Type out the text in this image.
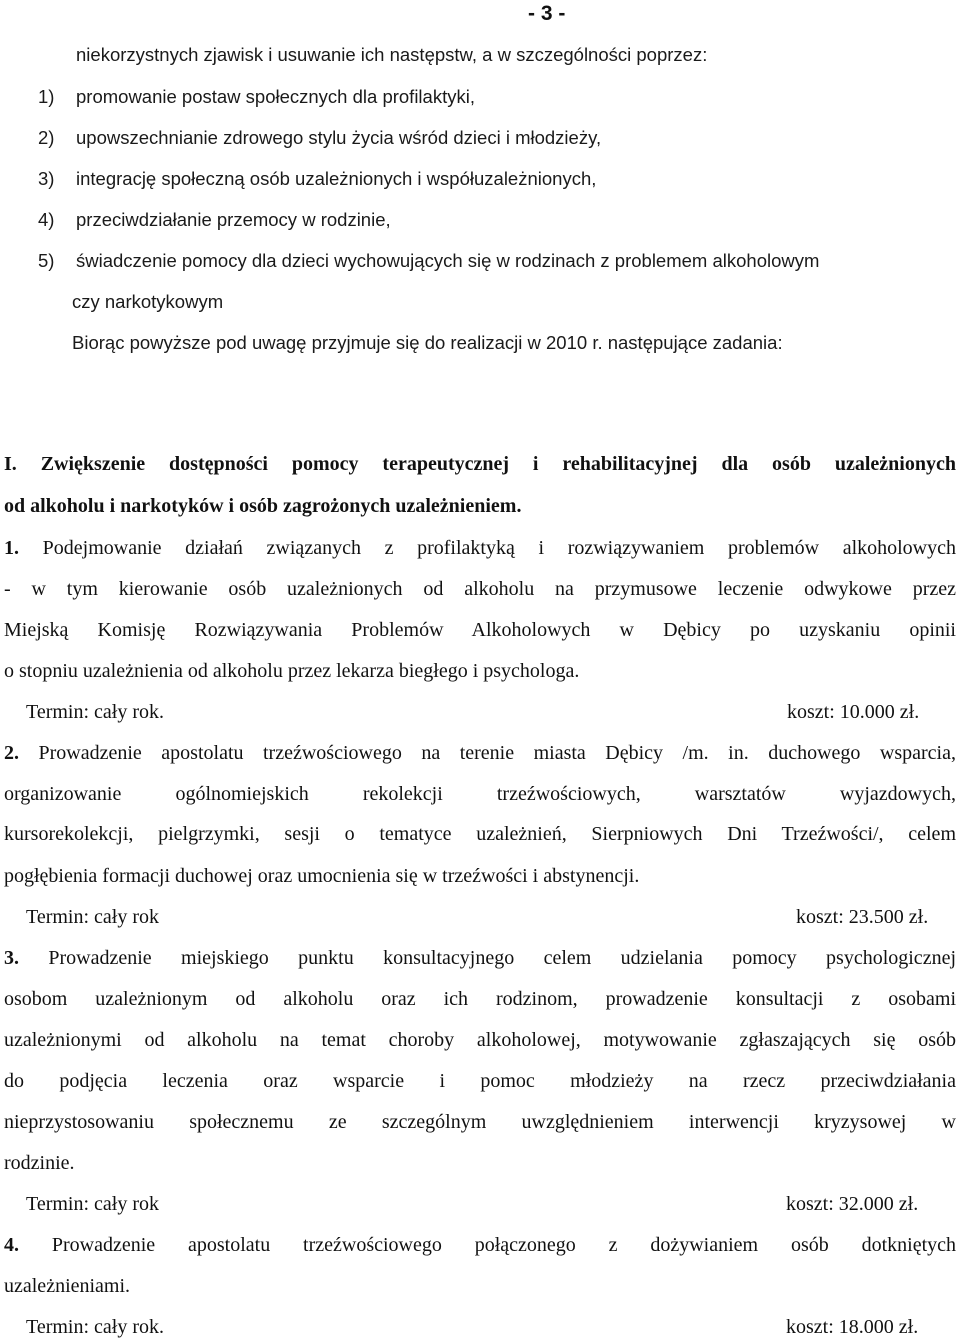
- 3 -
niekorzystnych zjawisk i usuwanie ich następstw, a w szczególności poprzez:
1) promowanie postaw społecznych dla profilaktyki,
2) upowszechnianie zdrowego stylu życia wśród dzieci i młodzieży,
3) integrację społeczną osób uzależnionych i współuzależnionych,
4) przeciwdziałanie przemocy w rodzinie,
5) świadczenie pomocy dla dzieci wychowujących się w rodzinach z problemem alkoholowym
czy narkotykowym
Biorąc powyższe pod uwagę przyjmuje się do realizacji w 2010 r. następujące zadania:
I. Zwiększenie dostępności pomocy terapeutycznej i rehabilitacyjnej dla osób uzależnionych
od alkoholu i narkotyków i osób zagrożonych uzależnieniem.
1. Podejmowanie działań związanych z profilaktyką i rozwiązywaniem problemów alkoholowych
- w tym kierowanie osób uzależnionych od alkoholu na przymusowe leczenie odwykowe przez
Miejską Komisję Rozwiązywania Problemów Alkoholowych w Dębicy po uzyskaniu opinii
o stopniu uzależnienia od alkoholu przez lekarza biegłego i psychologa.
Termin: cały rok.	koszt: 10.000 zł.
2. Prowadzenie apostolatu trzeźwościowego na terenie miasta Dębicy /m. in. duchowego wsparcia,
organizowanie ogólnomiejskich rekolekcji trzeźwościowych, warsztatów wyjazdowych,
kursorekolekcji, pielgrzymki, sesji o tematyce uzależnień, Sierpniowych Dni Trzeźwości/, celem
pogłębienia formacji duchowej oraz umocnienia się w trzeźwości i abstynencji.
Termin: cały rok	koszt: 23.500 zł.
3. Prowadzenie miejskiego punktu konsultacyjnego celem udzielania pomocy psychologicznej
osobom uzależnionym od alkoholu oraz ich rodzinom, prowadzenie konsultacji z osobami
uzależnionymi od alkoholu na temat choroby alkoholowej, motywowanie zgłaszających się osób
do podjęcia leczenia oraz wsparcie i pomoc młodzieży na rzecz przeciwdziałania
nieprzystosowaniu społecznemu ze szczególnym uwzględnieniem interwencji kryzysowej w
rodzinie.
Termin: cały rok	koszt: 32.000 zł.
4. Prowadzenie apostolatu trzeźwościowego połączonego z dożywianiem osób dotkniętych
uzależnieniami.
Termin: cały rok.	koszt: 18.000 zł.
